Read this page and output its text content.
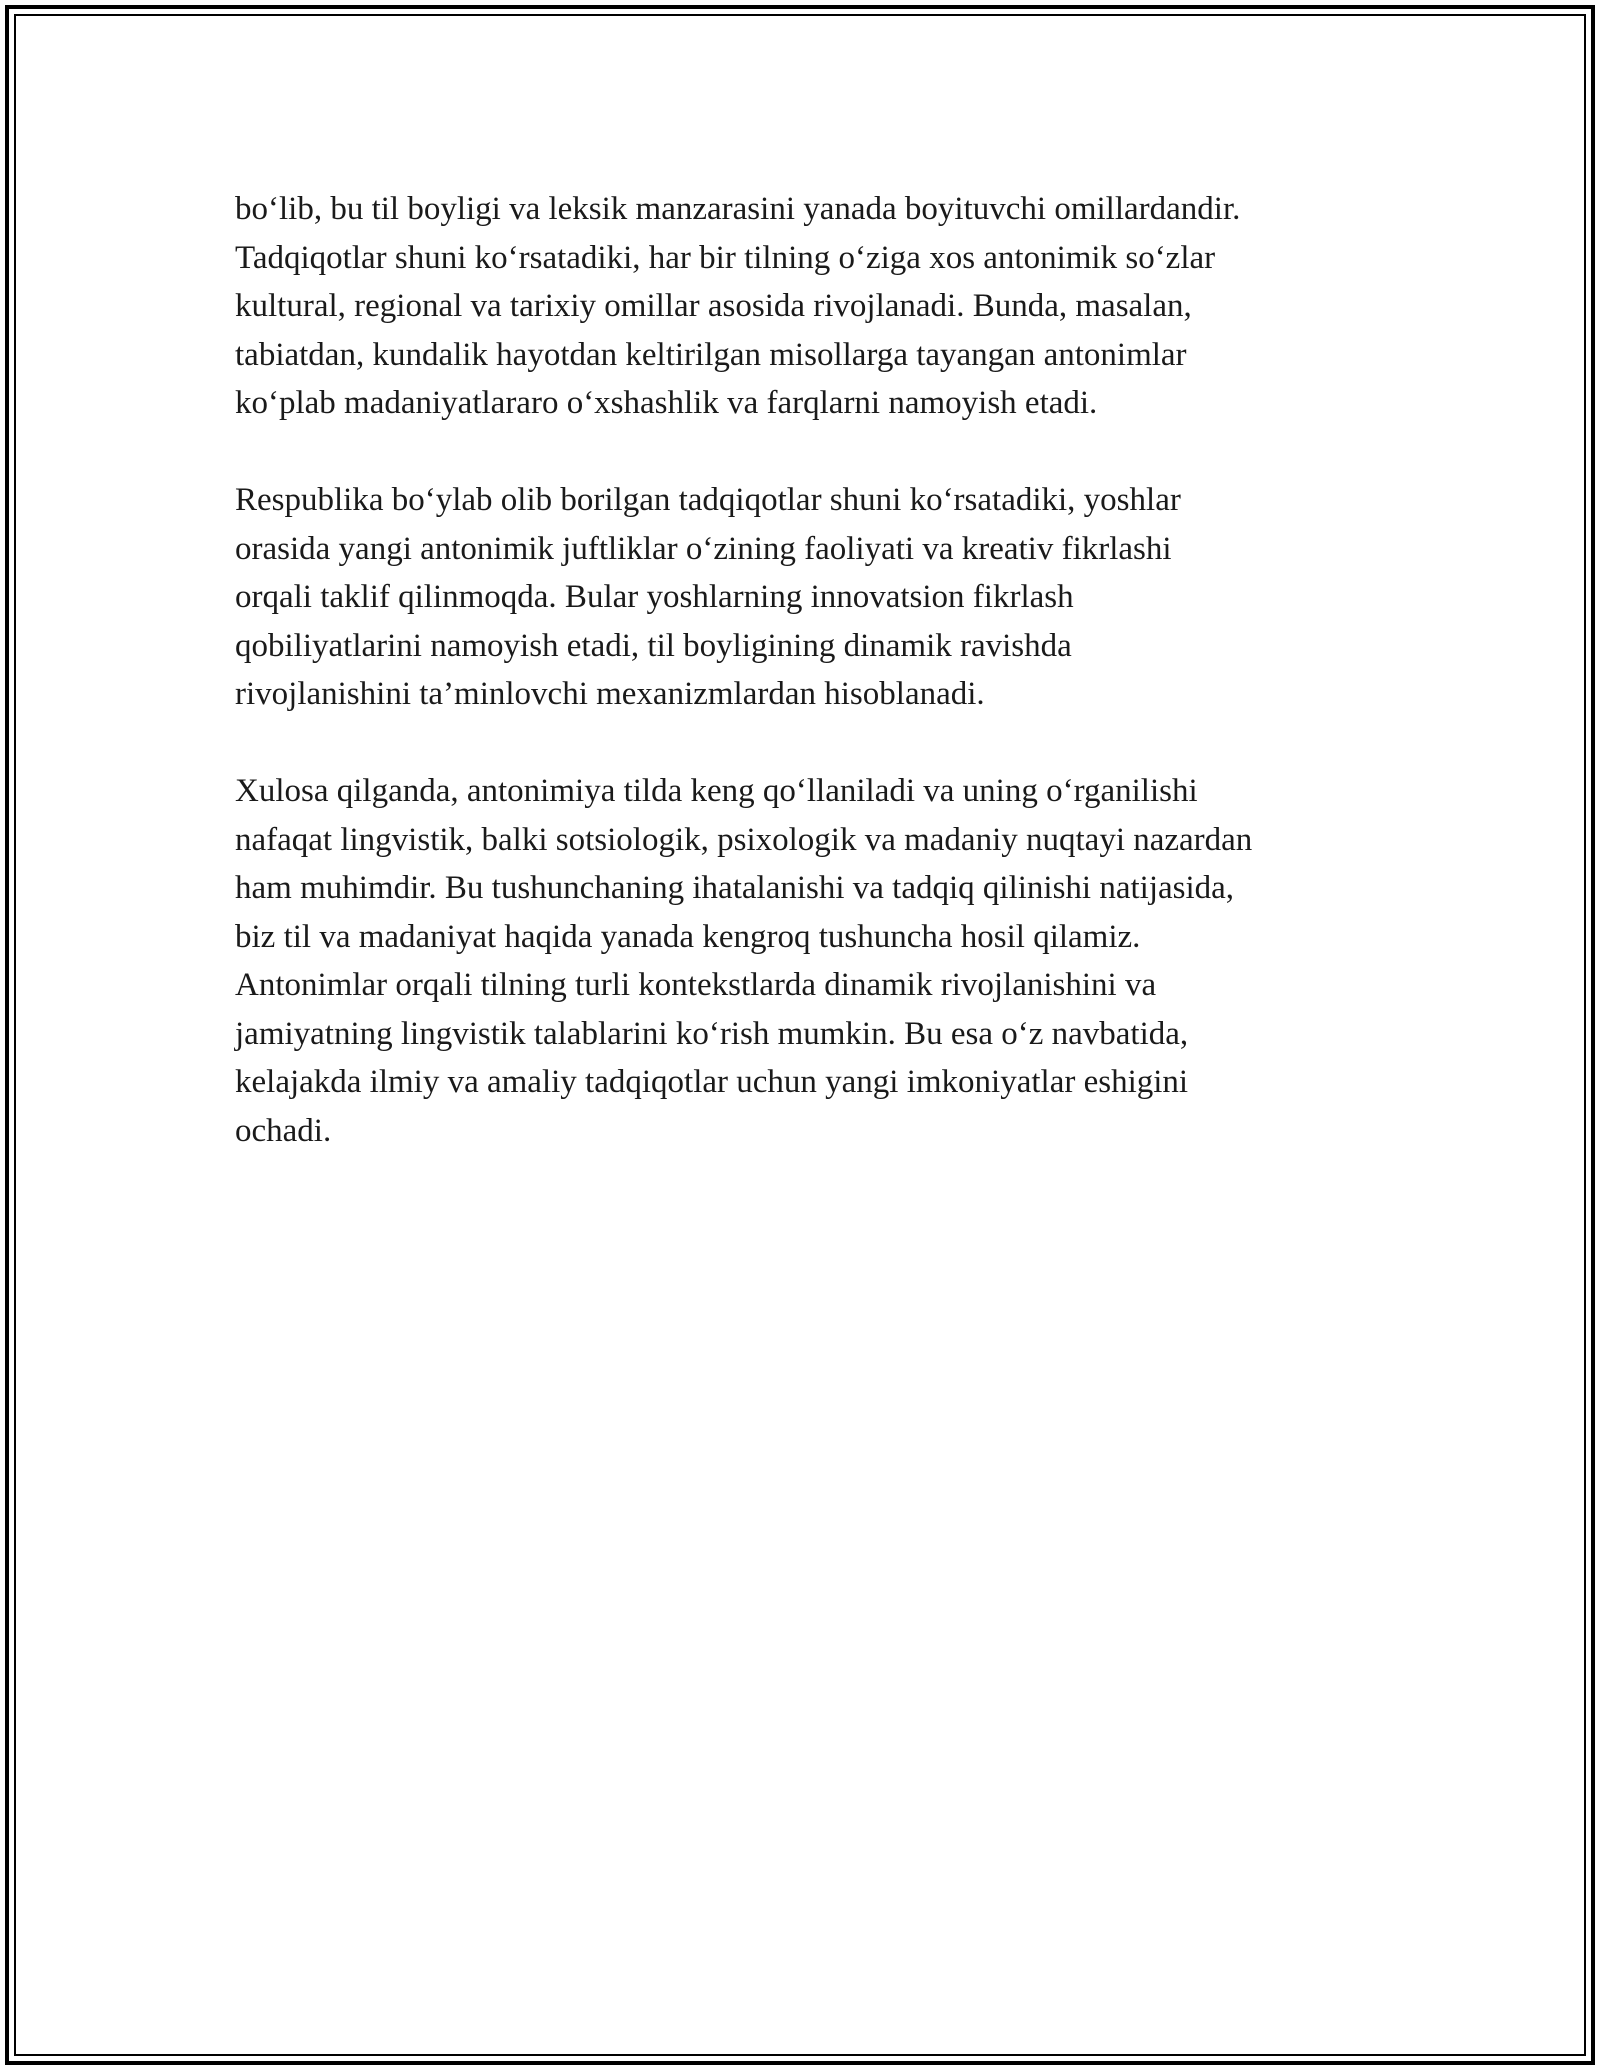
bo‘lib, bu til boyligi va leksik manzarasini yanada boyituvchi omillardandir.
Tadqiqotlar shuni ko‘rsatadiki, har bir tilning o‘ziga xos antonimik so‘zlar
kultural, regional va tarixiy omillar asosida rivojlanadi. Bunda, masalan,
tabiatdan, kundalik hayotdan keltirilgan misollarga tayangan antonimlar
ko‘plab madaniyatlararo o‘xshashlik va farqlarni namoyish etadi.

Respublika bo‘ylab olib borilgan tadqiqotlar shuni ko‘rsatadiki, yoshlar
orasida yangi antonimik juftliklar o‘zining faoliyati va kreativ fikrlashi
orqali taklif qilinmoqda. Bular yoshlarning innovatsion fikrlash
qobiliyatlarini namoyish etadi, til boyligining dinamik ravishda
rivojlanishini ta’minlovchi mexanizmlardan hisoblanadi.

Xulosa qilganda, antonimiya tilda keng qo‘llaniladi va uning o‘rganilishi
nafaqat lingvistik, balki sotsiologik, psixologik va madaniy nuqtayi nazardan
ham muhimdir. Bu tushunchaning ihatalanishi va tadqiq qilinishi natijasida,
biz til va madaniyat haqida yanada kengroq tushuncha hosil qilamiz.
Antonimlar orqali tilning turli kontekstlarda dinamik rivojlanishini va
jamiyatning lingvistik talablarini ko‘rish mumkin. Bu esa o‘z navbatida,
kelajakda ilmiy va amaliy tadqiqotlar uchun yangi imkoniyatlar eshigini
ochadi.
